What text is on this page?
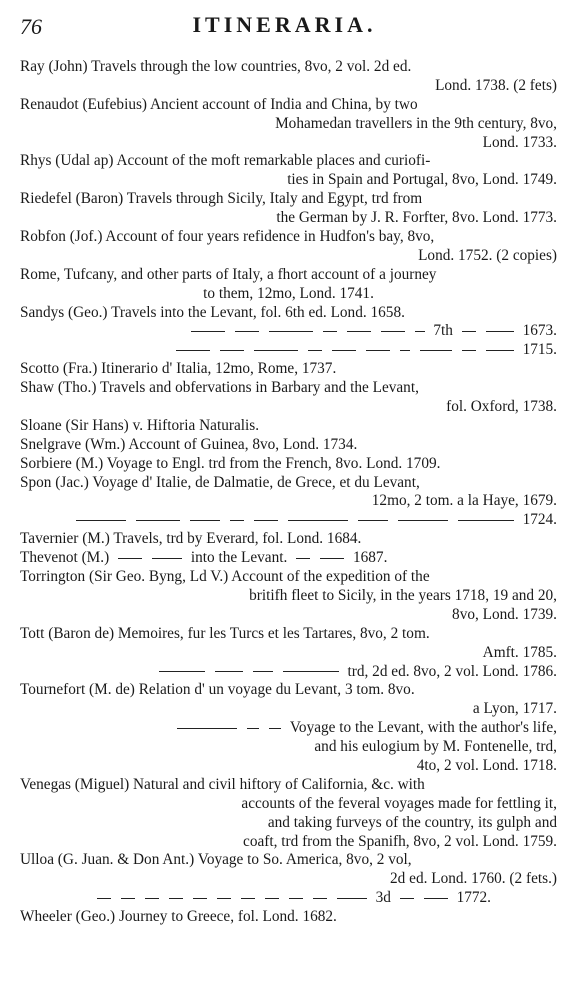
76	ITINERARIA.
Ray (John) Travels through the low countries, 8vo, 2 vol. 2d ed.
Lond. 1738. (2 fets)
Renaudot (Eufebius) Ancient account of India and China, by two
Mohamedan travellers in the 9th century, 8vo,
Lond. 1733.
Rhys (Udal ap) Account of the moft remarkable places and curiofi-
ties in Spain and Portugal, 8vo, Lond. 1749.
Riedefel (Baron) Travels through Sicily, Italy and Egypt, trd from
the German by J. R. Forfter, 8vo. Lond. 1773.
Robfon (Jof.) Account of four years refidence in Hudfon's bay, 8vo,
Lond. 1752. (2 copies)
Rome, Tufcany, and other parts of Italy, a fhort account of a journey
to them, 12mo, Lond. 1741.
Sandys (Geo.) Travels into the Levant, fol. 6th ed. Lond. 1658.
7th	1673.
1715.
Scotto (Fra.) Itinerario d' Italia, 12mo, Rome, 1737.
Shaw (Tho.) Travels and obfervations in Barbary and the Levant,
fol. Oxford, 1738.
Sloane (Sir Hans) v. Hiftoria Naturalis.
Snelgrave (Wm.) Account of Guinea, 8vo, Lond. 1734.
Sorbiere (M.) Voyage to Engl. trd from the French, 8vo. Lond. 1709.
Spon (Jac.) Voyage d' Italie, de Dalmatie, de Grece, et du Levant,
12mo, 2 tom. a la Haye, 1679.
1724.
Tavernier (M.) Travels, trd by Everard, fol. Lond. 1684.
Thevenot (M.)	into the Levant.	1687.
Torrington (Sir Geo. Byng, Ld V.) Account of the expedition of the
britifh fleet to Sicily, in the years 1718, 19 and 20,
8vo, Lond. 1739.
Tott (Baron de) Memoires, fur les Turcs et les Tartares, 8vo, 2 tom.
Amft. 1785.
trd, 2d ed. 8vo, 2 vol. Lond. 1786.
Tournefort (M. de) Relation d' un voyage du Levant, 3 tom. 8vo.
a Lyon, 1717.
Voyage to the Levant, with the author's life,
and his eulogium by M. Fontenelle, trd,
4to, 2 vol. Lond. 1718.
Venegas (Miguel) Natural and civil hiftory of California, &c. with
accounts of the feveral voyages made for fettling it,
and taking furveys of the country, its gulph and
coaft, trd from the Spanifh, 8vo, 2 vol. Lond. 1759.
Ulloa (G. Juan. & Don Ant.) Voyage to So. America, 8vo, 2 vol,
2d ed. Lond. 1760. (2 fets.)
3d	1772.
Wheeler (Geo.) Journey to Greece, fol. Lond. 1682.
